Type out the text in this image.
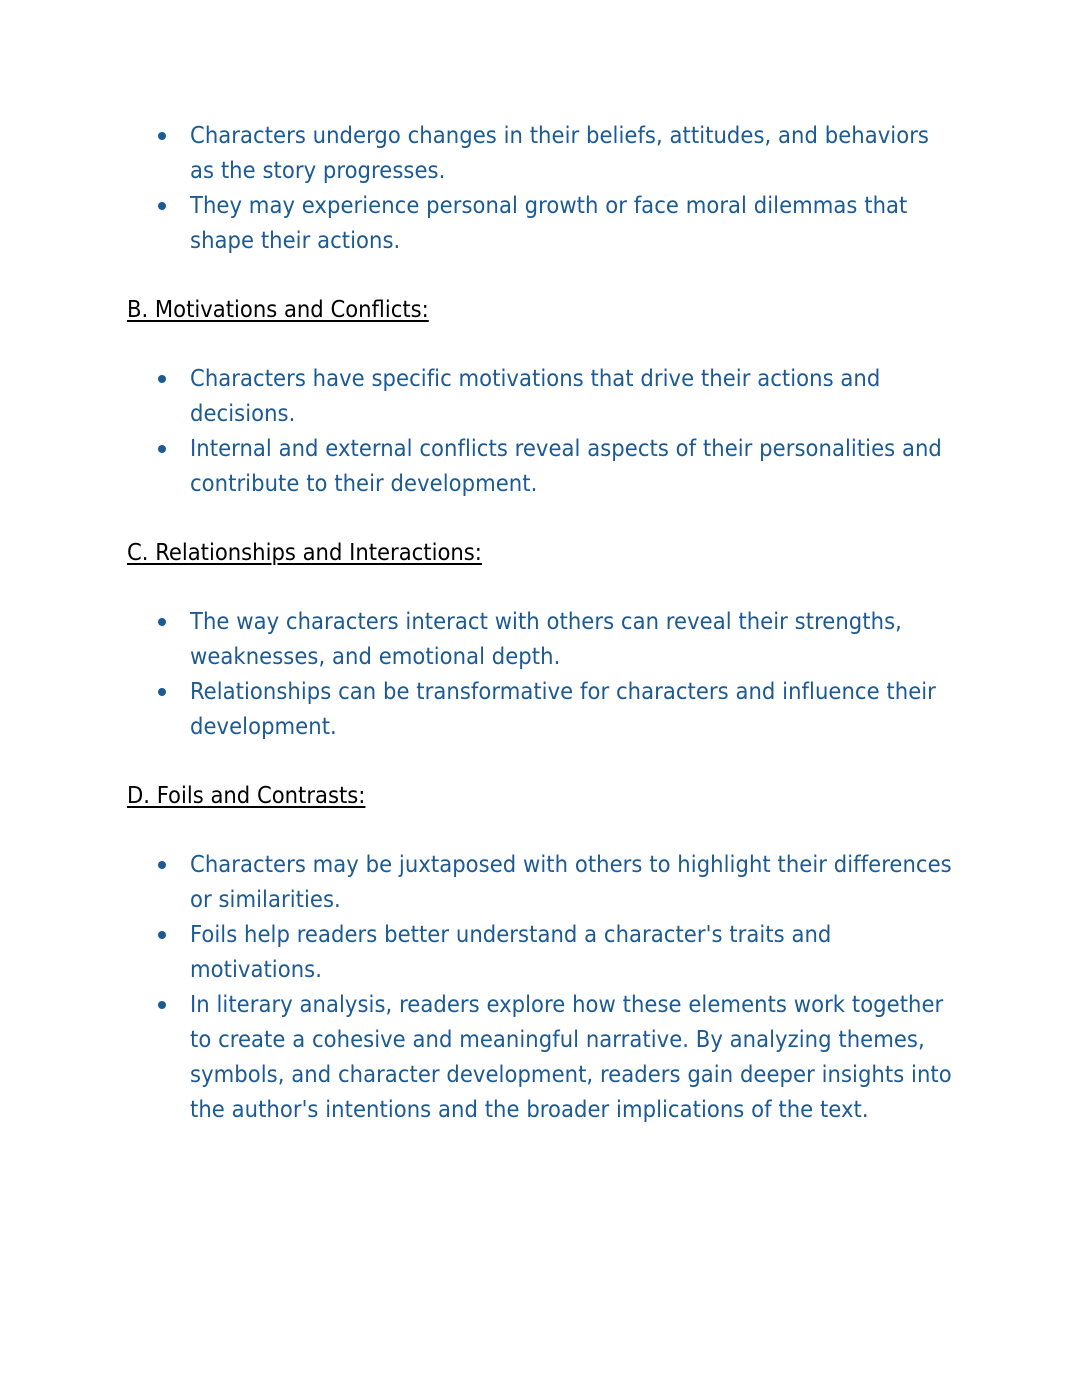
Characters undergo changes in their beliefs, attitudes, and behaviors as the story progresses.
They may experience personal growth or face moral dilemmas that shape their actions.
B. Motivations and Conflicts:
Characters have specific motivations that drive their actions and decisions.
Internal and external conflicts reveal aspects of their personalities and contribute to their development.
C. Relationships and Interactions:
The way characters interact with others can reveal their strengths, weaknesses, and emotional depth.
Relationships can be transformative for characters and influence their development.
D. Foils and Contrasts:
Characters may be juxtaposed with others to highlight their differences or similarities.
Foils help readers better understand a character's traits and motivations.
In literary analysis, readers explore how these elements work together to create a cohesive and meaningful narrative. By analyzing themes, symbols, and character development, readers gain deeper insights into the author's intentions and the broader implications of the text.
